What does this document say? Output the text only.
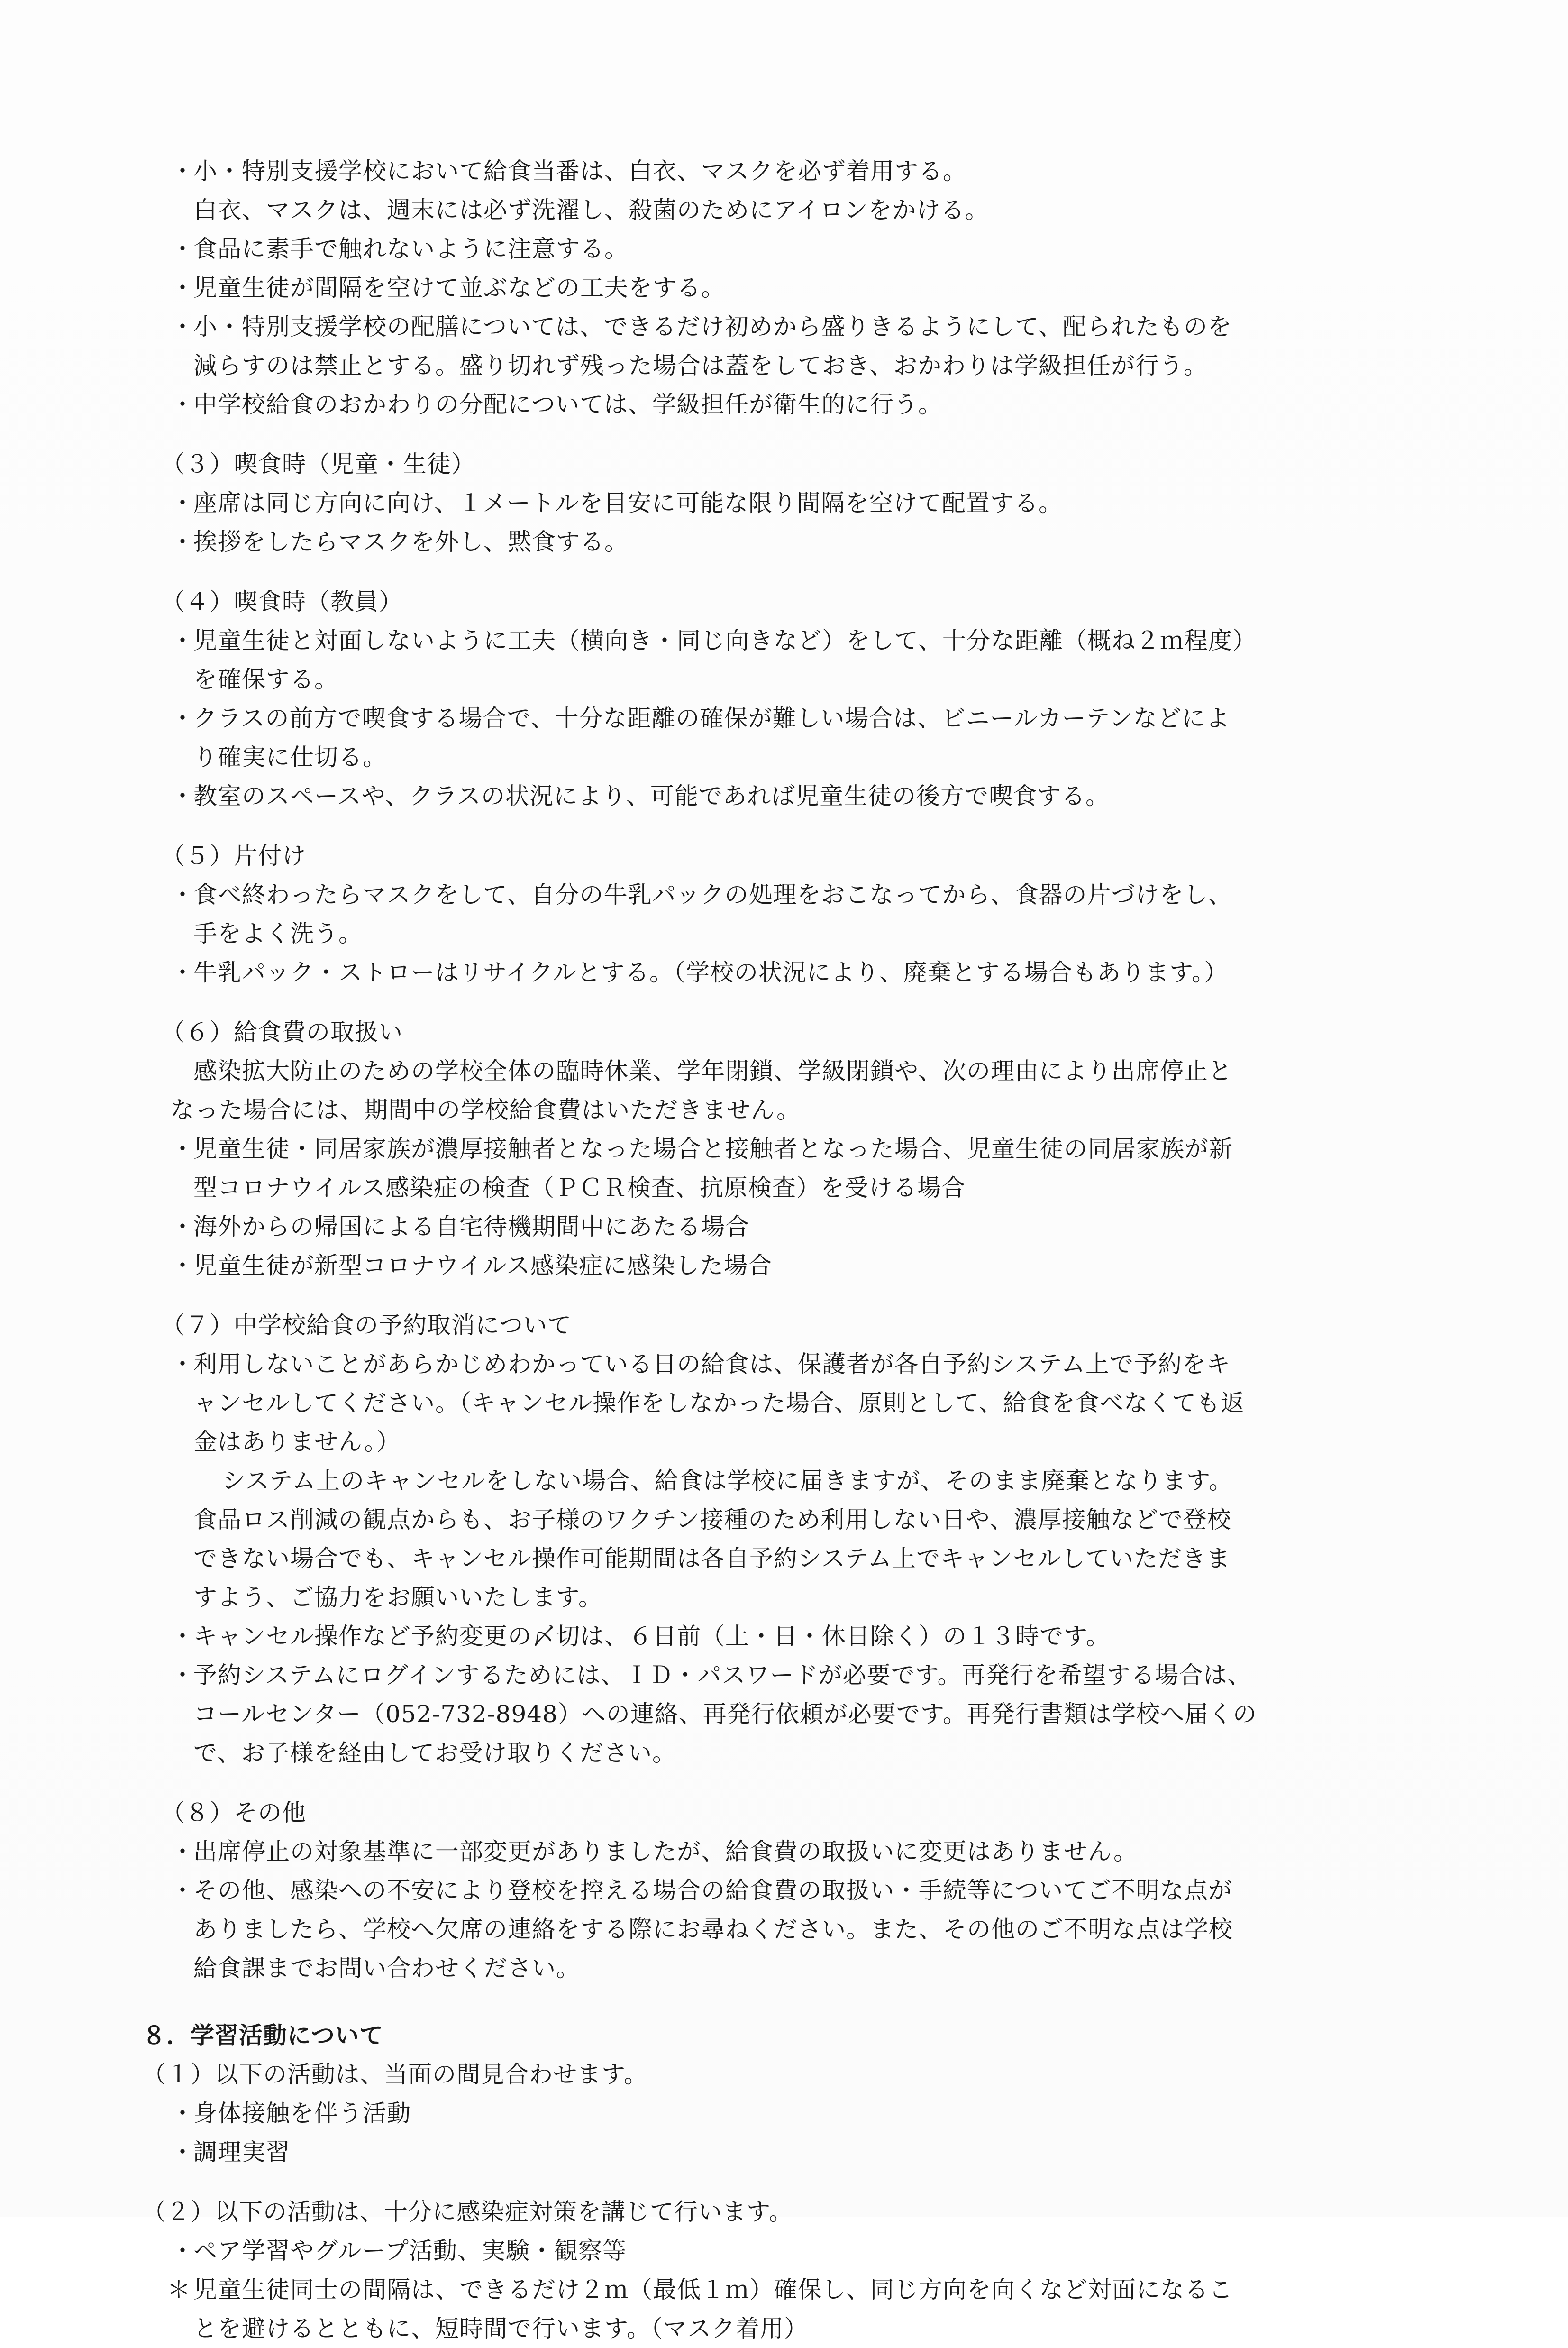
・
小・特別支援学校において給食当番は、白衣、マスクを必ず着用する。
白衣、マスクは、週末には必ず洗濯し、殺菌のためにアイロンをかける。
・
食品に素手で触れないように注意する。
・
児童生徒が間隔を空けて並ぶなどの工夫をする。
・
小・特別支援学校の配膳については、できるだけ初めから盛りきるようにして、配られたものを
減らすのは禁止とする。盛り切れず残った場合は蓋をしておき、おかわりは学級担任が行う。
・
中学校給食のおかわりの分配については、学級担任が衛生的に行う。
（３）喫食時（児童・生徒）
・
座席は同じ方向に向け、１メートルを目安に可能な限り間隔を空けて配置する。
・
挨拶をしたらマスクを外し、黙食する。
（４）喫食時（教員）
・
児童生徒と対面しないように工夫（横向き・同じ向きなど）をして、十分な距離（概ね２ｍ程度）
を確保する。
・
クラスの前方で喫食する場合で、十分な距離の確保が難しい場合は、ビニールカーテンなどによ
り確実に仕切る。
・
教室のスペースや、クラスの状況により、可能であれば児童生徒の後方で喫食する。
（５）片付け
・
食べ終わったらマスクをして、自分の牛乳パックの処理をおこなってから、食器の片づけをし、
手をよく洗う。
・
牛乳パック・ストローはリサイクルとする。（学校の状況により、廃棄とする場合もあります。）
（６）給食費の取扱い
感染拡大防止のための学校全体の臨時休業、学年閉鎖、学級閉鎖や、次の理由により出席停止と
なった場合には、期間中の学校給食費はいただきません。
・
児童生徒・同居家族が濃厚接触者となった場合と接触者となった場合、児童生徒の同居家族が新
型コロナウイルス感染症の検査（ＰＣＲ検査、抗原検査）を受ける場合
・
海外からの帰国による自宅待機期間中にあたる場合
・
児童生徒が新型コロナウイルス感染症に感染した場合
（７）中学校給食の予約取消について
・
利用しないことがあらかじめわかっている日の給食は、保護者が各自予約システム上で予約をキ
ャンセルしてください。（キャンセル操作をしなかった場合、原則として、給食を食べなくても返
金はありません。）
システム上のキャンセルをしない場合、給食は学校に届きますが、そのまま廃棄となります。
食品ロス削減の観点からも、お子様のワクチン接種のため利用しない日や、濃厚接触などで登校
できない場合でも、キャンセル操作可能期間は各自予約システム上でキャンセルしていただきま
すよう、ご協力をお願いいたします。
・
キャンセル操作など予約変更の〆切は、６日前（土・日・休日除く）の１３時です。
・
予約システムにログインするためには、ＩＤ・パスワードが必要です。再発行を希望する場合は、
コールセンター（052-732-8948）への連絡、再発行依頼が必要です。再発行書類は学校へ届くの
で、お子様を経由してお受け取りください。
（８）その他
・
出席停止の対象基準に一部変更がありましたが、給食費の取扱いに変更はありません。
・
その他、感染への不安により登校を控える場合の給食費の取扱い・手続等についてご不明な点が
ありましたら、学校へ欠席の連絡をする際にお尋ねください。また、その他のご不明な点は学校
給食課までお問い合わせください。
８．学習活動について
（１）以下の活動は、当面の間見合わせます。
・
身体接触を伴う活動
・
調理実習
（２）以下の活動は、十分に感染症対策を講じて行います。
・
ペア学習やグループ活動、実験・観察等
＊ 児童生徒同士の間隔は、できるだけ２ｍ（最低１ｍ）確保し、同じ方向を向くなど対面になるこ
とを避けるとともに、短時間で行います。（マスク着用）
